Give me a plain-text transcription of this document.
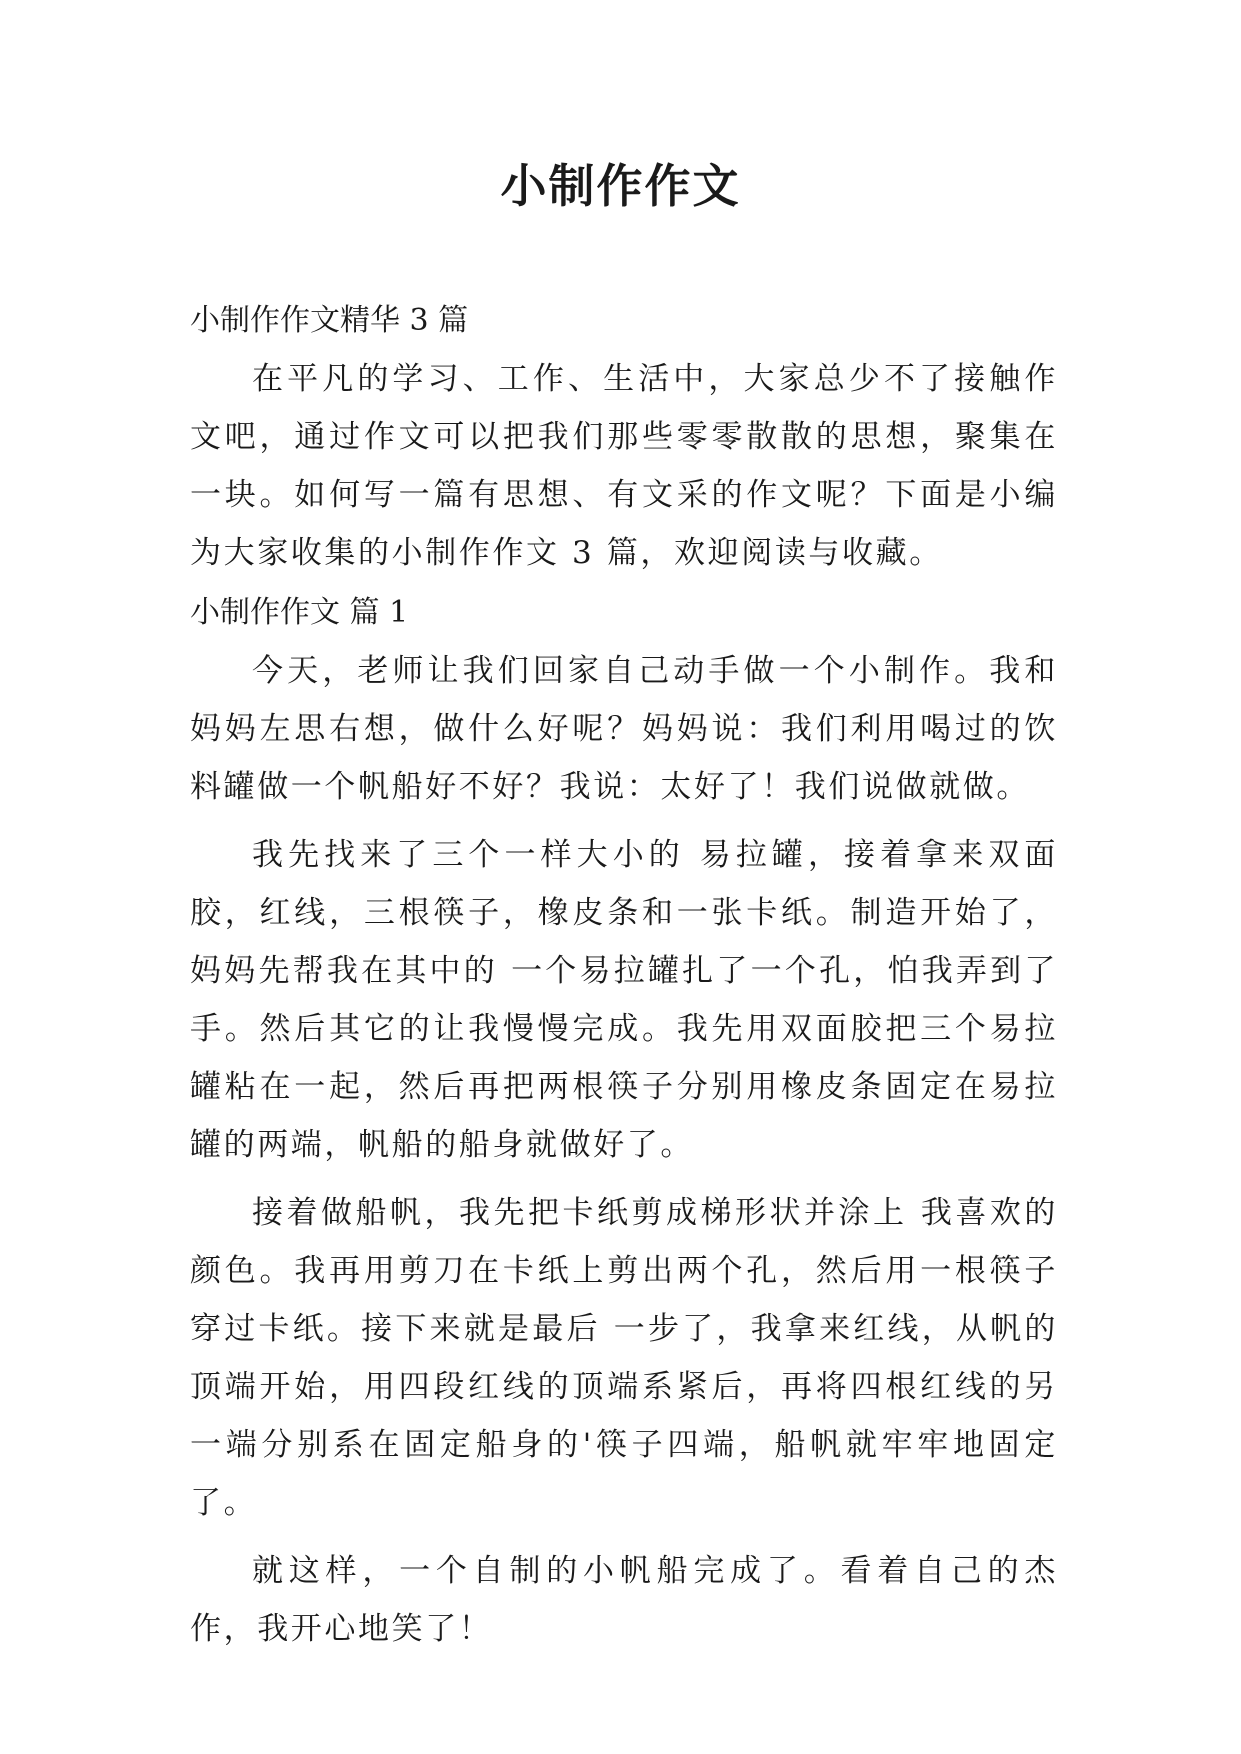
小制作作文
小制作作文精华 3 篇

在平凡的学习、工作、生活中，大家总少不了接触作文吧，通过作文可以把我们那些零零散散的思想，聚集在一块。如何写一篇有思想、有文采的作文呢？下面是小编为大家收集的小制作作文 3 篇，欢迎阅读与收藏。

小制作作文 篇 1

今天，老师让我们回家自己动手做一个小制作。我和妈妈左思右想，做什么好呢？妈妈说：我们利用喝过的饮料罐做一个帆船好不好？我说：太好了！我们说做就做。

我先找来了三个一样大小的 易拉罐，接着拿来双面胶，红线，三根筷子，橡皮条和一张卡纸。制造开始了，妈妈先帮我在其中的 一个易拉罐扎了一个孔，怕我弄到了手。然后其它的让我慢慢完成。我先用双面胶把三个易拉罐粘在一起，然后再把两根筷子分别用橡皮条固定在易拉罐的两端，帆船的船身就做好了。

接着做船帆，我先把卡纸剪成梯形状并涂上 我喜欢的颜色。我再用剪刀在卡纸上剪出两个孔，然后用一根筷子穿过卡纸。接下来就是最后 一步了，我拿来红线，从帆的顶端开始，用四段红线的顶端系紧后，再将四根红线的另一端分别系在固定船身的'筷子四端，船帆就牢牢地固定了。

就这样，一个自制的小帆船完成了。看着自己的杰作，我开心地笑了！
